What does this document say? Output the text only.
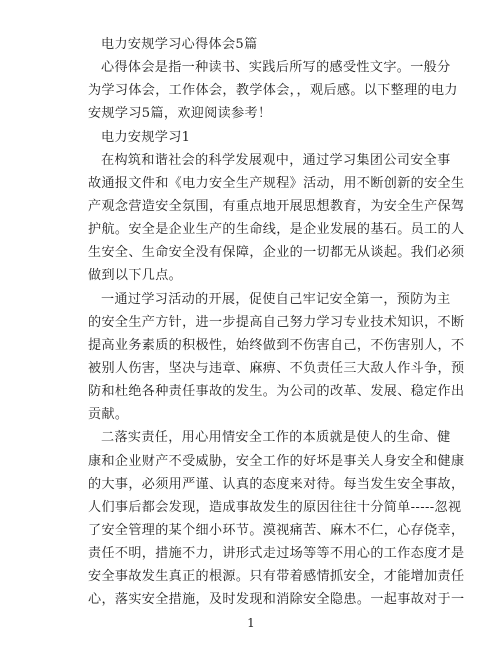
电力安规学习心得体会5篇
心得体会是指一种读书、实践后所写的感受性文字。一般分
为学习体会，工作体会，教学体会，，观后感。以下整理的电力
安规学习5篇，欢迎阅读参考！
电力安规学习1
在构筑和谐社会的科学发展观中，通过学习集团公司安全事
故通报文件和《电力安全生产规程》活动，用不断创新的安全生
产观念营造安全氛围，有重点地开展思想教育，为安全生产保驾
护航。安全是企业生产的生命线，是企业发展的基石。员工的人
生安全、生命安全没有保障，企业的一切都无从谈起。我们必须
做到以下几点。
一通过学习活动的开展，促使自己牢记安全第一，预防为主
的安全生产方针，进一步提高自己努力学习专业技术知识，不断
提高业务素质的积极性，始终做到不伤害自己，不伤害别人，不
被别人伤害，坚决与违章、麻痹、不负责任三大敌人作斗争，预
防和杜绝各种责任事故的发生。为公司的改革、发展、稳定作出
贡献。
二落实责任，用心用情安全工作的本质就是使人的生命、健
康和企业财产不受威胁，安全工作的好坏是事关人身安全和健康
的大事，必须用严谨、认真的态度来对待。每当发生安全事故，
人们事后都会发现，造成事故发生的原因往往十分简单-----忽视
了安全管理的某个细小环节。漠视痛苦、麻木不仁，心存侥幸，
责任不明，措施不力，讲形式走过场等等不用心的工作态度才是
安全事故发生真正的根源。只有带着感情抓安全，才能增加责任
心，落实安全措施，及时发现和消除安全隐患。一起事故对于一
1
